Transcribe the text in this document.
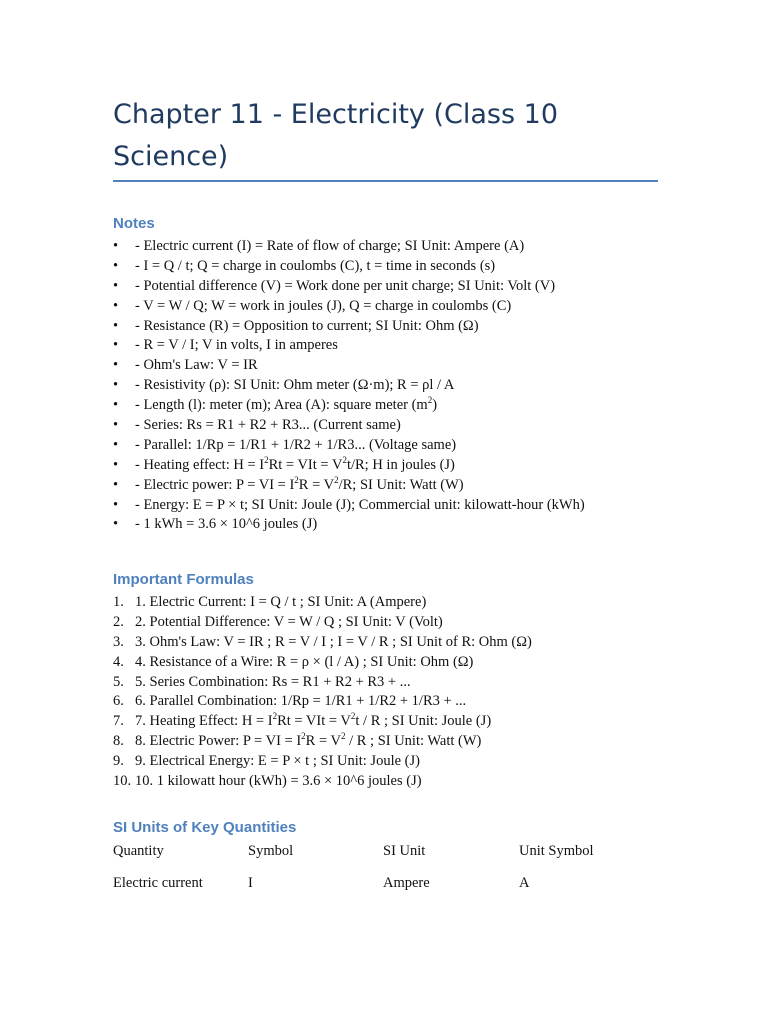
Chapter 11 - Electricity (Class 10 Science)
Notes
•	- Electric current (I) = Rate of flow of charge; SI Unit: Ampere (A)
•	- I = Q / t; Q = charge in coulombs (C), t = time in seconds (s)
•	- Potential difference (V) = Work done per unit charge; SI Unit: Volt (V)
•	- V = W / Q; W = work in joules (J), Q = charge in coulombs (C)
•	- Resistance (R) = Opposition to current; SI Unit: Ohm (Ω)
•	- R = V / I; V in volts, I in amperes
•	- Ohm's Law: V = IR
•	- Resistivity (ρ): SI Unit: Ohm meter (Ω·m); R = ρl / A
•	- Length (l): meter (m); Area (A): square meter $(m^2)$
•	- Series: Rs = R1 + R2 + R3... (Current same)
•	- Parallel: 1/Rp = 1/R1 + 1/R2 + 1/R3... (Voltage same)
•	- Heating effect: $H = I^2Rt$ = VIt = $V^2t/R$; H in joules (J)
•	- Electric power: P = VI = $I^2R = V^2/R$; SI Unit: Watt (W)
•	- Energy: E = P × t; SI Unit: Joule (J); Commercial unit: kilowatt-hour (kWh)
•	- 1 kWh = 3.6 × 10^6 joules (J)
Important Formulas
1. 1. Electric Current: I = Q / t ; SI Unit: A (Ampere)
2. 2. Potential Difference: V = W / Q ; SI Unit: V (Volt)
3. 3. Ohm's Law: V = IR ; R = V / I ; I = V / R ; SI Unit of R: Ohm (Ω)
4. 4. Resistance of a Wire: R = ρ × (l / A) ; SI Unit: Ohm (Ω)
5. 5. Series Combination: Rs = R1 + R2 + R3 + ...
6. 6. Parallel Combination: 1/Rp = 1/R1 + 1/R2 + 1/R3 + ...
7. 7. Heating Effect: $H = I^2Rt$ = VIt = $V^2t$ / R ; SI Unit: Joule (J)
8. 8. Electric Power: P = VI = $I^2R = V^2 / R$ ; SI Unit: Watt (W)
9. 9. Electrical Energy: E = P × t ; SI Unit: Joule (J)
10. 10. 1 kilowatt hour (kWh) = 3.6 × 10^6 joules (J)
SI Units of Key Quantities
Quantity	Symbol	SI Unit	Unit Symbol
Electric current	I	Ampere	A
